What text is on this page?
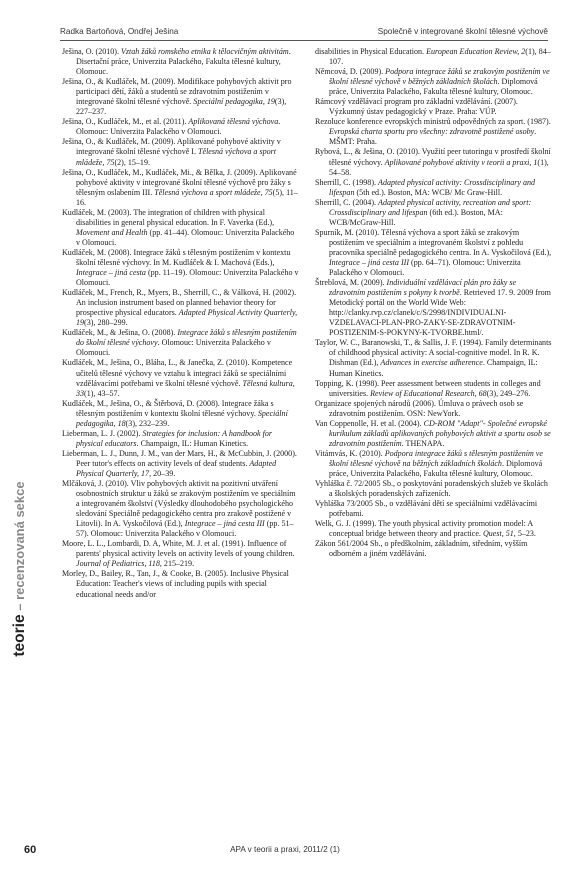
Radka Bartoňová, Ondřej Ješina	Společně v integrované školní tělesné výchově
teorie – recenzovaná sekce

Ješina, O. (2010). Vztah žáků romského etnika k tělocvičným aktivitám. Disertační práce, Univerzita Palackého, Fakulta tělesné kultury, Olomouc.

Ješina, O., & Kudláček, M. (2009). Modifikace pohybových aktivit pro participaci dětí, žáků a studentů se zdravotním postižením v integrované školní tělesné výchově. Speciální pedagogika, 19(3), 227–237.

Ješina, O., Kudláček, M., et al. (2011). Aplikovaná tělesná výchova. Olomouc: Univerzita Palackého v Olomouci.

Ješina, O., & Kudláček, M. (2009). Aplikované pohybové aktivity v integrované školní tělesné výchově I. Tělesná výchova a sport mládeže, 75(2), 15–19.

Ješina, O., Kudláček, M., Kudláček, Mi., & Bělka, J. (2009). Aplikované pohybové aktivity v integrované školní tělesné výchově pro žáky s tělesným oslabením III. Tělesná výchova a sport mládeže, 75(5), 11–16.

Kudláček, M. (2003). The integration of children with physical disabilities in general physical education. In F. Vaverka (Ed.), Movement and Health (pp. 41–44). Olomouc: Univerzita Palackého v Olomouci.

Kudláček, M. (2008). Integrace žáků s tělesným postižením v kontextu školní tělesné výchovy. In M. Kudláček & I. Machová (Eds.), Integrace – jiná cesta (pp. 11–19). Olomouc: Univerzita Palackého v Olomouci.

Kudláček, M., French, R., Myers, B., Sherrill, C., & Válková, H. (2002). An inclusion instrument based on planned behavior theory for prospective physical educators. Adapted Physical Activity Quarterly, 19(3), 280–299.

Kudláček, M., & Ješina, O. (2008). Integrace žáků s tělesným postižením do školní tělesné výchovy. Olomouc: Univerzita Palackého v Olomouci.

Kudláček, M., Ješina, O., Bláha, L., & Janečka, Z. (2010). Kompetence učitelů tělesné výchovy ve vztahu k integraci žáků se speciálními vzdělávacími potřebami ve školní tělesné výchově. Tělesná kultura, 33(1), 43–57.

Kudláček, M., Ješina, O., & Štěrbová, D. (2008). Integrace žáka s tělesným postižením v kontextu školní tělesné výchovy. Speciální pedagogika, 18(3), 232–239.

Lieberman, L. J. (2002). Strategies for inclusion: A handbook for physical educators. Champaign, IL: Human Kinetics.

Lieberman, L. J., Dunn, J. M., van der Mars, H., & McCubbin, J. (2000). Peer tutor's effects on activity levels of deaf students. Adapted Physical Quarterly, 17, 20–39.

Mlčáková, J. (2010). Vliv pohybových aktivit na pozitivní utváření osobnostních struktur u žáků se zrakovým postižením ve speciálním a integrovaném školství (Výsledky dlouhodobého psychologického sledování Speciálně pedagogického centra pro zrakově postižené v Litovli). In A. Vyskočilová (Ed.), Integrace – jiná cesta III (pp. 51–57). Olomouc: Univerzita Palackého v Olomouci.

Moore, L. L., Lombardi, D. A, White, M. J. et al. (1991). Influence of parents' physical activity levels on activity levels of young children. Journal of Pediatrics, 118, 215–219.

Morley, D., Bailey, R., Tan, J., & Cooke, B. (2005). Inclusive Physical Education: Teacher's views of including pupils with special educational needs and/or

disabilities in Physical Education. European Education Review, 2(1), 84–107.

Němcová, D. (2009). Podpora integrace žáků se zrakovým postižením ve školní tělesné výchově v běžných základních školách. Diplomová práce, Univerzita Palackého, Fakulta tělesné kultury, Olomouc.

Rámcový vzdělávací program pro základní vzdělávání. (2007). Výzkumný ústav pedagogický v Praze. Praha: VÚP.

Rezoluce konference evropských ministrů odpovědných za sport. (1987). Evropská charta sportu pro všechny: zdravotně postižené osoby. MŠMT: Praha.

Rybová, L., & Ješina, O. (2010). Využití peer tutoringu v prostředí školní tělesné výchovy. Aplikované pohybové aktivity v teorii a praxi, 1(1), 54–58.

Sherrill, C. (1998). Adapted physical activity: Crossdisciplinary and lifespan (5th ed.). Boston, MA: WCB/ Mc Graw-Hill.

Sherrill, C. (2004). Adapted physical activity, recreation and sport: Crossdisciplinary and lifespan (6th ed.). Boston, MA: WCB/McGraw-Hill.

Spurník, M. (2010). Tělesná výchova a sport žáků se zrakovým postižením ve speciálním a integrovaném školství z pohledu pracovníka speciálně pedagogického centra. In A. Vyskočilová (Ed.), Integrace – jiná cesta III (pp. 64–71). Olomouc: Univerzita Palackého v Olomouci.

Štreblová, M. (2009). Individuální vzdělávací plán pro žáky se zdravotním postižením s pokyny k tvorbě. Retrieved 17. 9. 2009 from Metodický portál on the World Wide Web: http://clanky.rvp.cz/clanek/c/S/2998/INDIVIDUALNI-VZDELAVACI-PLAN-PRO-ZAKY-SE-ZDRAVOTNIM-POSTIZENIM-S-POKYNY-K-TVORBE.html/.

Taylor, W. C., Baranowski, T., & Sallis, J. F. (1994). Family determinants of childhood physical activity: A social-cognitive model. In R. K. Dishman (Ed.), Advances in exercise adherence. Champaign, IL: Human Kinetics.

Topping, K. (1998). Peer assessment between students in colleges and universities. Review of Educational Research, 68(3), 249–276.

Organizace spojených národů (2006). Úmluva o právech osob se zdravotním postižením. OSN: NewYork.

Van Coppenolle, H. et al. (2004). CD-ROM "Adapt"- Společné evropské kurikulum základů aplikovaných pohybových aktivit a sportu osob se zdravotním postižením. THENAPA.

Vitámvás, K. (2010). Podpora integrace žáků s tělesným postižením ve školní tělesné výchově na běžných základních školách. Diplomová práce, Univerzita Palackého, Fakulta tělesné kultury, Olomouc.

Vyhláška č. 72/2005 Sb., o poskytování poradenských služeb ve školách a školských poradenských zařízeních.

Vyhláška 73/2005 Sb., o vzdělávání dětí se speciálními vzdělávacími potřebami.

Welk, G. J. (1999). The youth physical activity promotion model: A conceptual bridge between theory and practice. Quest, 51, 5–23.

Zákon 561/2004 Sb., o předškolním, základním, středním, vyšším odborném a jiném vzdělávání.

60	APA v teorii a praxi, 2011/2 (1)
